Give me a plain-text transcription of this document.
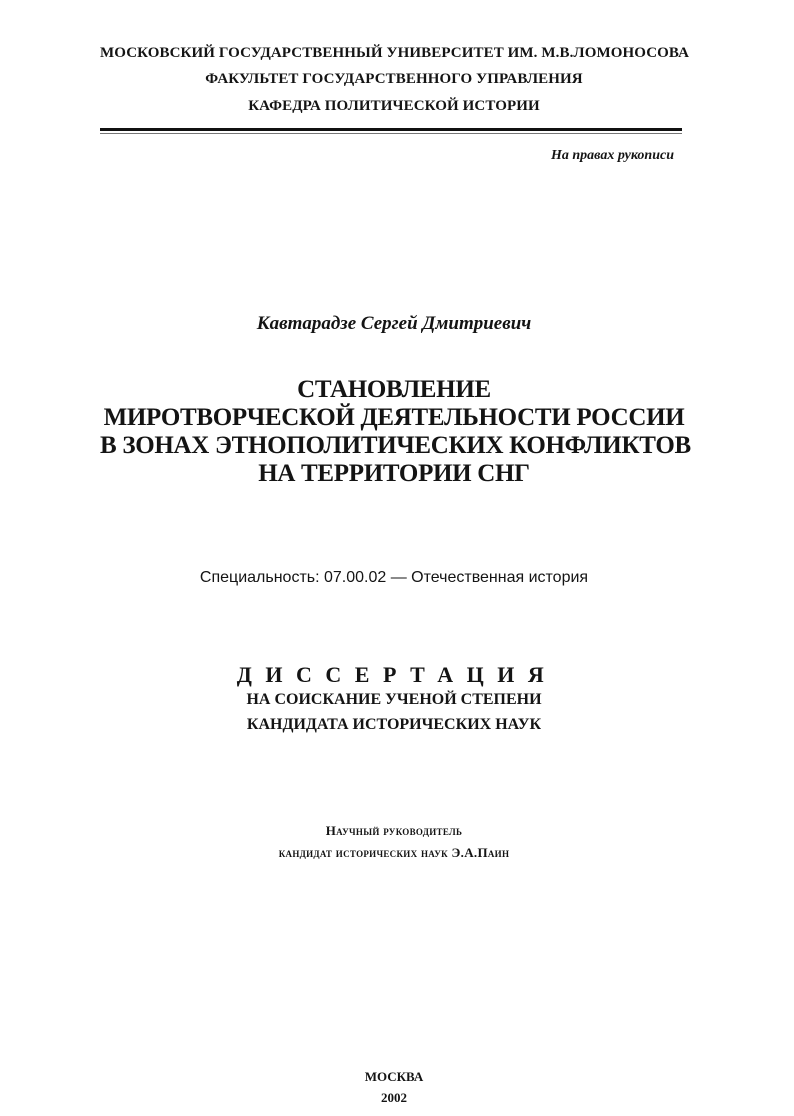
МОСКОВСКИЙ ГОСУДАРСТВЕННЫЙ УНИВЕРСИТЕТ ИМ. М.В.ЛОМОНОСОВА
ФАКУЛЬТЕТ ГОСУДАРСТВЕННОГО УПРАВЛЕНИЯ
КАФЕДРА ПОЛИТИЧЕСКОЙ ИСТОРИИ
На правах рукописи
Кавтарадзе Сергей Дмитриевич
СТАНОВЛЕНИЕ
МИРОТВОРЧЕСКОЙ ДЕЯТЕЛЬНОСТИ РОССИИ
В ЗОНАХ ЭТНОПОЛИТИЧЕСКИХ КОНФЛИКТОВ
НА ТЕРРИТОРИИ СНГ
Специальность: 07.00.02 — Отечественная история
ДИССЕРТАЦИЯ
НА СОИСКАНИЕ УЧЕНОЙ СТЕПЕНИ
КАНДИДАТА ИСТОРИЧЕСКИХ НАУК
Научный руководитель
кандидат исторических наук Э.А.Паин
МОСКВА
2002
